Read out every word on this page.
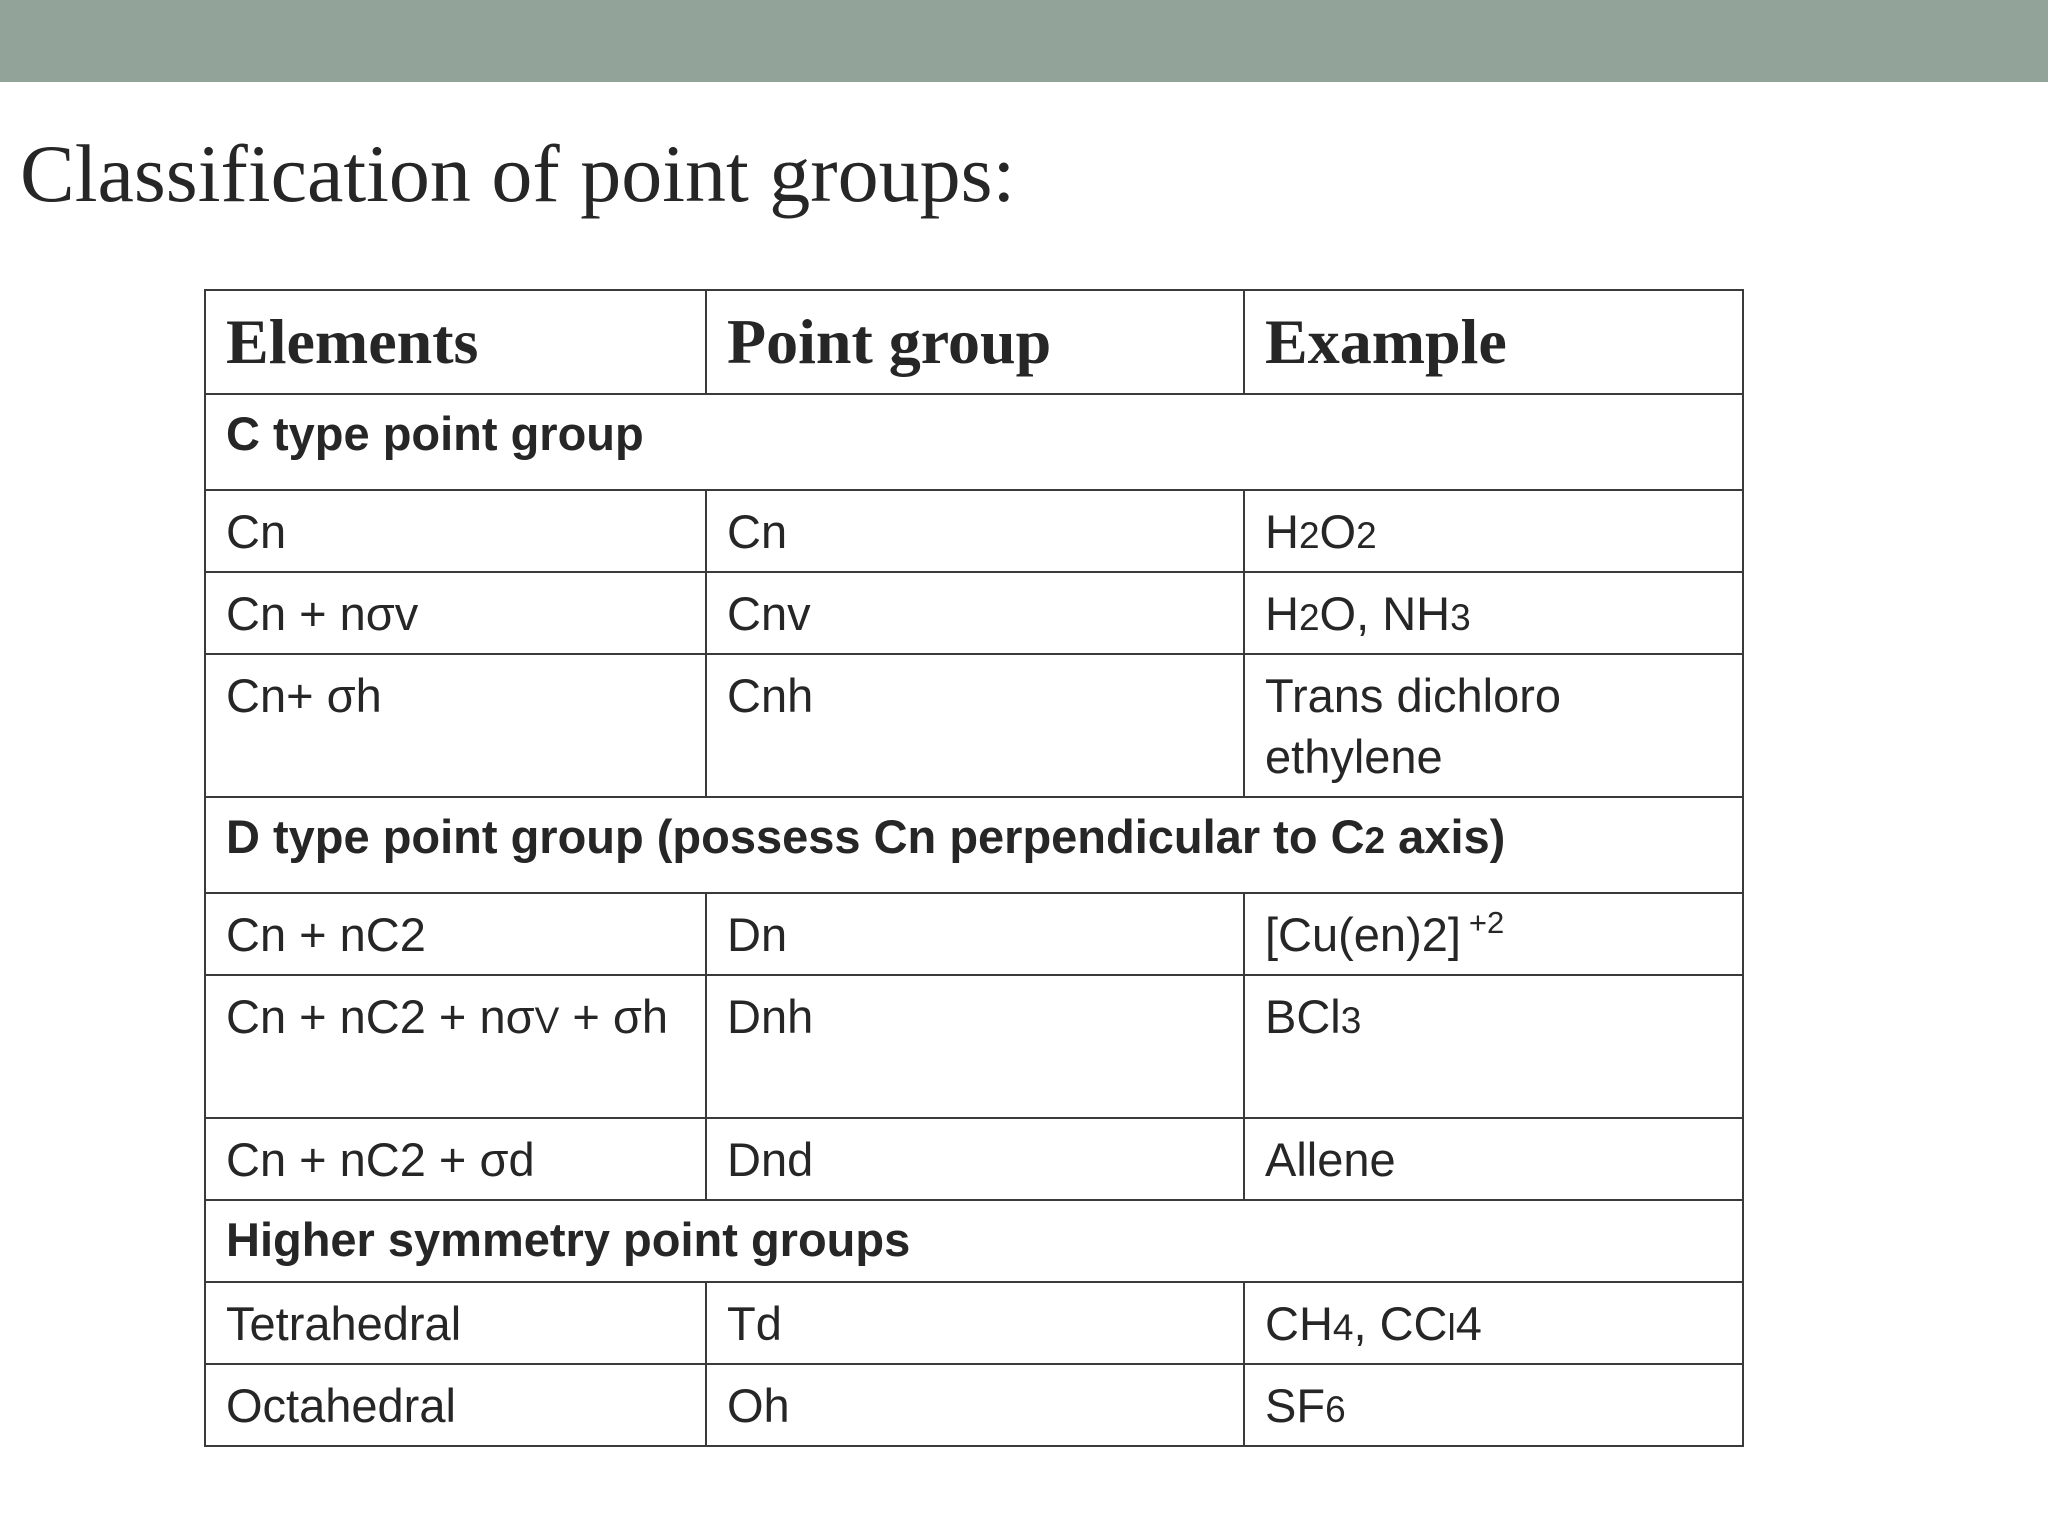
Classification of point groups:
Elements	Point group	Example
C type point group		
Cn	Cn	H2O2
Cn + nσv	Cnv	H2O, NH3
Cn+ σh	Cnh	Trans dichloro ethylene
D type point group (possess Cn perpendicular to C2 axis)		
Cn + nC2	Dn	[Cu(en)2] $^{+2}$
Cn + nC2 + nσV + σh	Dnh	BCl3
Cn + nC2 + σd	Dnd	Allene
Higher symmetry point groups		
Tetrahedral	Td	CH4, CCl4
Octahedral	Oh	SF6
